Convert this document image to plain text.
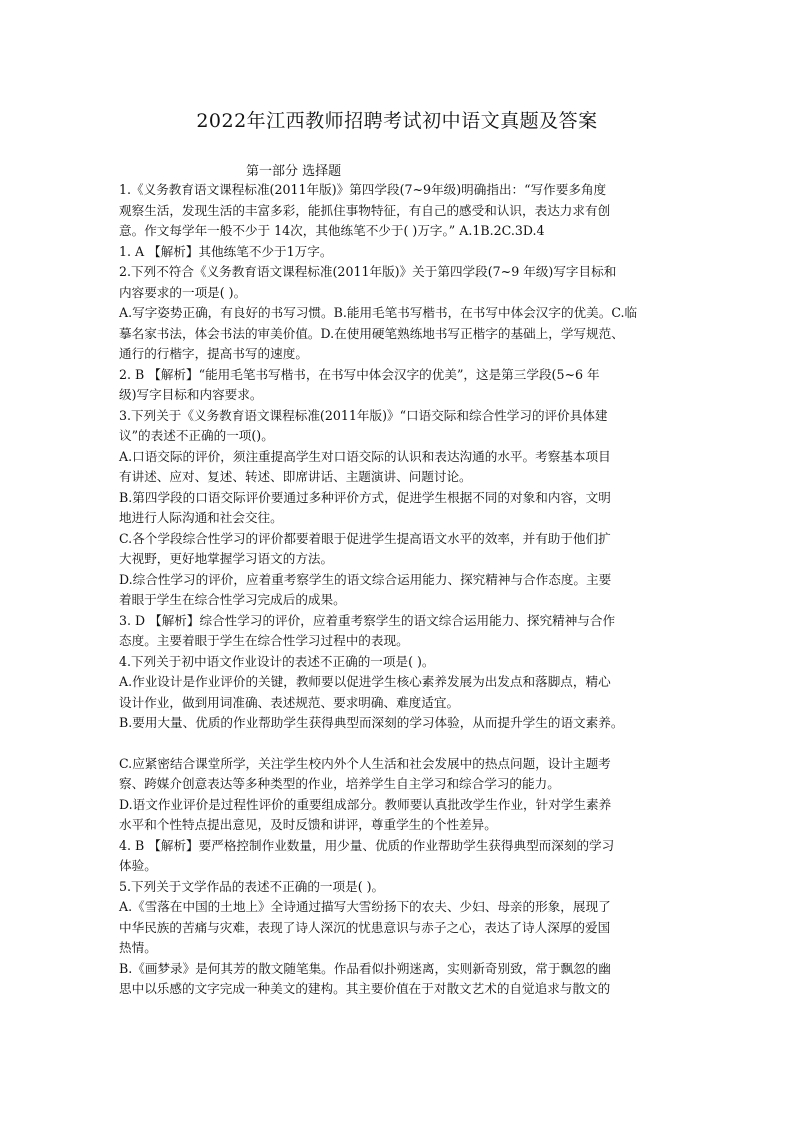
2022年江西教师招聘考试初中语文真题及答案
第一部分 选择题

1.《义务教育语文课程标准(2011年版)》第四学段(7~9年级)明确指出：“写作要多角度

观察生活，发现生活的丰富多彩，能抓住事物特征，有自己的感受和认识，表达力求有创

意。作文每学年一般不少于 14次，其他练笔不少于( )万字。” A.1B.2C.3D.4

1. A 【解析】其他练笔不少于1万字。

2.下列不符合《义务教育语文课程标准(2011年版)》关于第四学段(7~9 年级)写字目标和

内容要求的一项是( )。

A.写字姿势正确，有良好的书写习惯。B.能用毛笔书写楷书，在书写中体会汉字的优美。C.临

摹名家书法，体会书法的审美价值。D.在使用硬笔熟练地书写正楷字的基础上，学写规范、

通行的行楷字，提高书写的速度。

2. B 【解析】“能用毛笔书写楷书，在书写中体会汉字的优美”，这是第三学段(5~6 年

级)写字目标和内容要求。

3.下列关于《义务教育语文课程标准(2011年版)》“口语交际和综合性学习的评价具体建

议”的表述不正确的一项()。

A.口语交际的评价，须注重提高学生对口语交际的认识和表达沟通的水平。考察基本项目

有讲述、应对、复述、转述、即席讲话、主题演讲、问题讨论。

B.第四学段的口语交际评价要通过多种评价方式，促进学生根据不同的对象和内容，文明

地进行人际沟通和社会交往。

C.各个学段综合性学习的评价都要着眼于促进学生提高语文水平的效率，并有助于他们扩

大视野，更好地掌握学习语文的方法。

D.综合性学习的评价，应着重考察学生的语文综合运用能力、探究精神与合作态度。主要

着眼于学生在综合性学习完成后的成果。

3. D 【解析】综合性学习的评价，应着重考察学生的语文综合运用能力、探究精神与合作

态度。主要着眼于学生在综合性学习过程中的表现。

4.下列关于初中语文作业设计的表述不正确的一项是( )。

A.作业设计是作业评价的关键，教师要以促进学生核心素养发展为出发点和落脚点，精心

设计作业，做到用词准确、表述规范、要求明确、难度适宜。

B.要用大量、优质的作业帮助学生获得典型而深刻的学习体验，从而提升学生的语文素养。

C.应紧密结合课堂所学，关注学生校内外个人生活和社会发展中的热点问题，设计主题考

察、跨媒介创意表达等多种类型的作业，培养学生自主学习和综合学习的能力。

D.语文作业评价是过程性评价的重要组成部分。教师要认真批改学生作业，针对学生素养

水平和个性特点提出意见，及时反馈和讲评，尊重学生的个性差异。

4. B 【解析】要严格控制作业数量，用少量、优质的作业帮助学生获得典型而深刻的学习

体验。

5.下列关于文学作品的表述不正确的一项是( )。

A.《雪落在中国的土地上》全诗通过描写大雪纷扬下的农夫、少妇、母亲的形象，展现了

中华民族的苦痛与灾难，表现了诗人深沉的忧患意识与赤子之心，表达了诗人深厚的爱国

热情。

B.《画梦录》是何其芳的散文随笔集。作品看似扑朔迷离，实则新奇别致，常于飘忽的幽

思中以乐感的文字完成一种美文的建构。其主要价值在于对散文艺术的自觉追求与散文的
